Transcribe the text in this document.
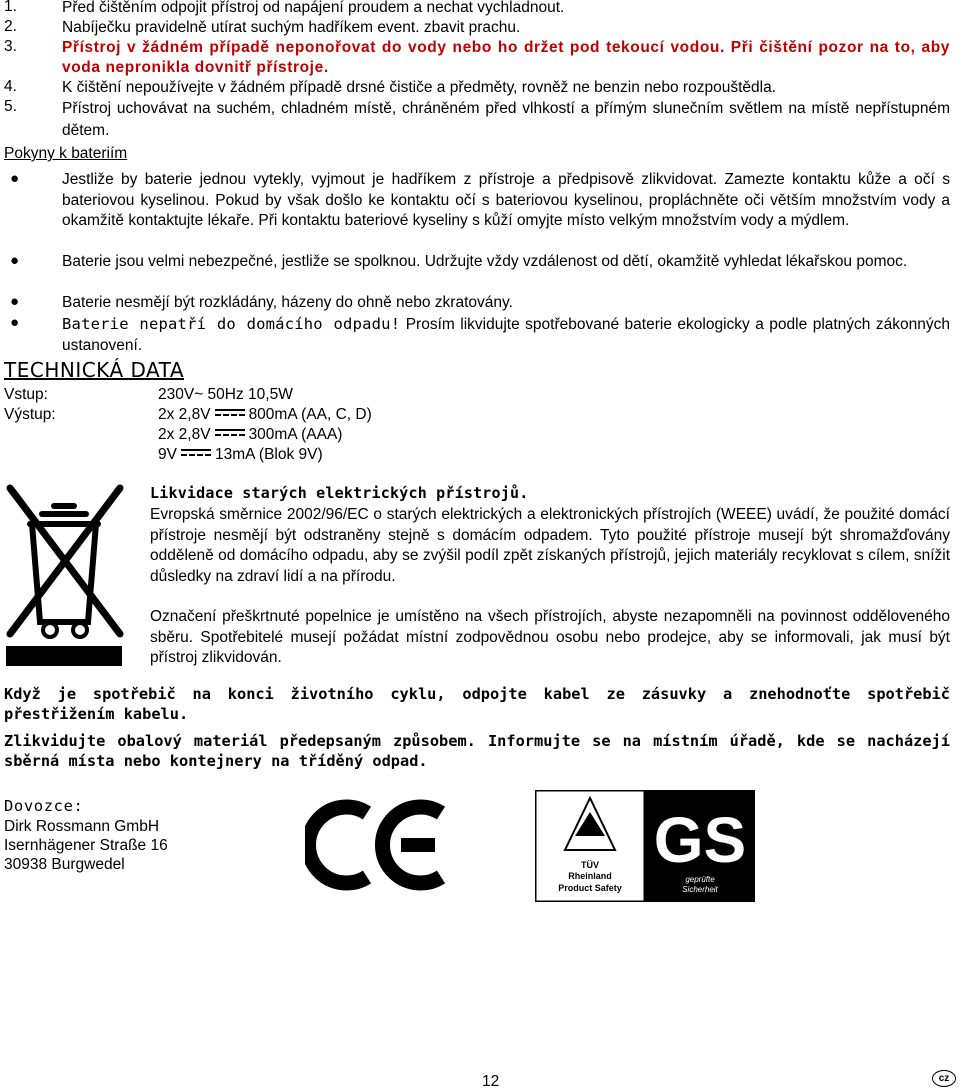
1.	Před čištěním odpojit přístroj od napájení proudem a nechat vychladnout.
2.	Nabíječku pravidelně utírat suchým hadříkem event. zbavit prachu.
3.	Přístroj v žádném případě neponořovat do vody nebo ho držet pod tekoucí vodou. Při čištění pozor na to, aby voda nepronikla dovnitř přístroje.
4.	K čištění nepoužívejte v žádném případě drsné čističe a předměty, rovněž ne benzin nebo rozpouštědla.
5.	Přístroj uchovávat na suchém, chladném místě, chráněném před vlhkostí a přímým slunečním světlem na místě nepřístupném dětem.
Pokyny k bateriím
●	Jestliže by baterie jednou vytekly, vyjmout je hadříkem z přístroje a předpisově zlikvidovat. Zamezte kontaktu kůže a očí s bateriovou kyselinou. Pokud by však došlo ke kontaktu očí s bateriovou kyselinou, propláchněte oči větším množstvím vody a okamžitě kontaktujte lékaře. Při kontaktu bateriové kyseliny s kůží omyjte místo velkým množstvím vody a mýdlem.
●	Baterie jsou velmi nebezpečné, jestliže se spolknou. Udržujte vždy vzdálenost od dětí, okamžitě vyhledat lékařskou pomoc.
●	Baterie nesmějí být rozkládány, házeny do ohně nebo zkratovány.
●	Baterie nepatří do domácího odpadu! Prosím likvidujte spotřebované baterie ekologicky a podle platných zákonných ustanovení.
TECHNICKÁ DATA
Vstup:	230V~ 50Hz 10,5W
Výstup:	2x 2,8V 800mA (AA, C, D)
2x 2,8V 300mA (AAA)
9V 13mA (Blok 9V)
Likvidace starých elektrických přístrojů.
Evropská směrnice 2002/96/EC o starých elektrických a elektronických přístrojích (WEEE) uvádí, že použité domácí přístroje nesmějí být odstraněny stejně s domácím odpadem. Tyto použité přístroje musejí být shromažďovány odděleně od domácího odpadu, aby se zvýšil podíl zpět získaných přístrojů, jejich materiály recyklovat s cílem, snížit důsledky na zdraví lidí a na přírodu.
Označení přeškrtnuté popelnice je umístěno na všech přístrojích, abyste nezapomněli na povinnost odděloveného sběru. Spotřebitelé musejí požádat místní zodpovědnou osobu nebo prodejce, aby se informovali, jak musí být přístroj zlikvidován.
Když je spotřebič na konci životního cyklu, odpojte kabel ze zásuvky a znehodnoťte spotřebič přestřižením kabelu.
Zlikvidujte obalový materiál předepsaným způsobem. Informujte se na místním úřadě, kde se nacházejí sběrná místa nebo kontejnery na tříděný odpad.
Dovozce:
Dirk Rossmann GmbH
Isernhägener Straße 16
30938 Burgwedel	TÜV
Rheinland
Product Safety
GS
geprüfte
Sicherheit
12	cz
